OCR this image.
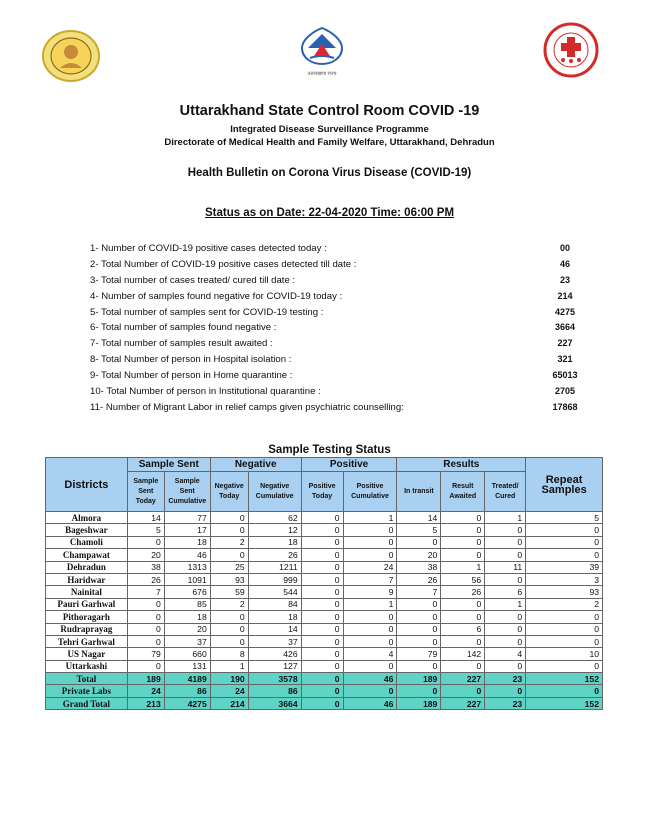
उत्तराखण्ड राज्य
Uttarakhand State Control Room COVID -19
Integrated Disease Surveillance Programme
Directorate of Medical Health and Family Welfare, Uttarakhand, Dehradun
Health Bulletin on Corona Virus Disease (COVID-19)
Status as on Date: 22-04-2020 Time: 06:00 PM
1- Number of COVID-19 positive cases detected today :	00
2- Total Number of COVID-19 positive cases detected till date :	46
3- Total number of cases treated/ cured till date :	23
4- Number of samples found negative for COVID-19 today :	214
5- Total number of samples sent for COVID-19 testing :	4275
6- Total number of samples found negative :	3664
7- Total number of samples result awaited :	227
8- Total Number of person in Hospital isolation :	321
9- Total Number of person in Home quarantine :	65013
10- Total Number of person in Institutional quarantine :	2705
11- Number of Migrant Labor in relief camps given psychiatric counselling:	17868
Sample Testing Status
Districts	Sample Sent		Negative		Positive		Results			Repeat Samples
	Sample Sent Today	Sample Sent Cumulative	Negative Today	Negative Cumulative	Positive Today	Positive Cumulative	In transit	Result Awaited	Treated/ Cured	
Almora	14	77	0	62	0	1	14	0	1	5
Bageshwar	5	17	0	12	0	0	5	0	0	0
Chamoli	0	18	2	18	0	0	0	0	0	0
Champawat	20	46	0	26	0	0	20	0	0	0
Dehradun	38	1313	25	1211	0	24	38	1	11	39
Haridwar	26	1091	93	999	0	7	26	56	0	3
Nainital	7	676	59	544	0	9	7	26	6	93
Pauri Garhwal	0	85	2	84	0	1	0	0	1	2
Pithoragarh	0	18	0	18	0	0	0	0	0	0
Rudraprayag	0	20	0	14	0	0	0	6	0	0
Tehri Garhwal	0	37	0	37	0	0	0	0	0	0
US Nagar	79	660	8	426	0	4	79	142	4	10
Uttarkashi	0	131	1	127	0	0	0	0	0	0
Total	189	4189	190	3578	0	46	189	227	23	152
Private Labs	24	86	24	86	0	0	0	0	0	0
Grand Total	213	4275	214	3664	0	46	189	227	23	152
